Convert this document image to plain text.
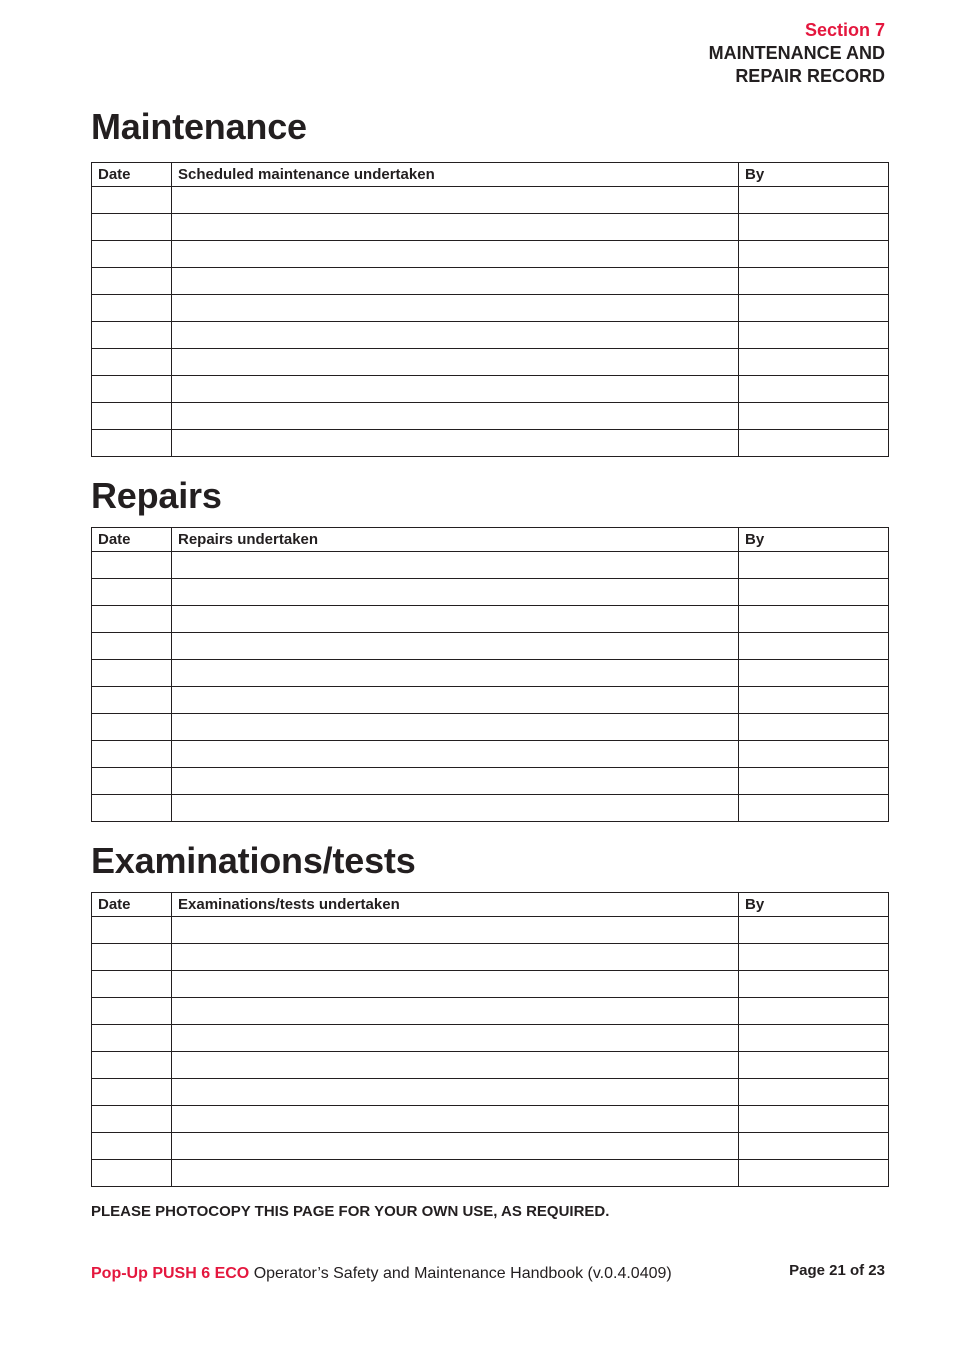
Section 7
MAINTENANCE AND
REPAIR RECORD
Maintenance
Date	Scheduled maintenance undertaken	By

Repairs
Date	Repairs undertaken	By

Examinations/tests
Date	Examinations/tests undertaken	By

PLEASE PHOTOCOPY THIS PAGE FOR YOUR OWN USE, AS REQUIRED.
Pop-Up PUSH 6 ECO Operator’s Safety and Maintenance Handbook (v.0.4.0409)	Page 21 of 23
